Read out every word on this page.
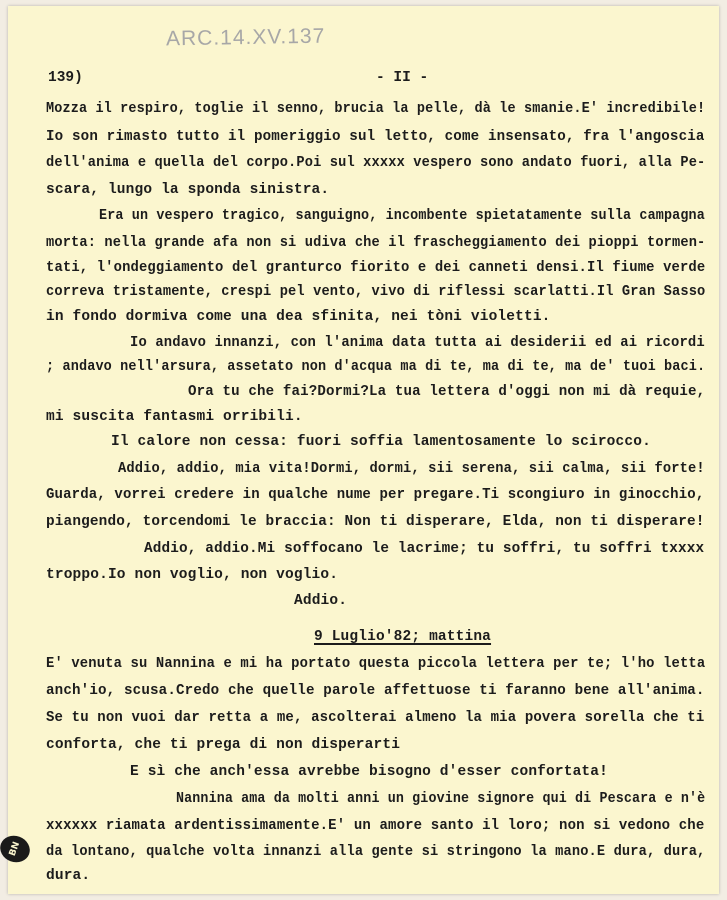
ARC.14.XV.137
139)	- II -
Mozza il respiro, toglie il senno, brucia la pelle, dà le smanie.E' incredibile!
Io son rimasto tutto il pomeriggio sul letto, come insensato, fra l'angoscia
dell'anima e quella del corpo.Poi sul xxxxx vespero sono andato fuori, alla Pe-
scara, lungo la sponda sinistra.
Era un vespero tragico, sanguigno, incombente spietatamente sulla campagna
morta: nella grande afa non si udiva che il frascheggiamento dei pioppi tormen-
tati, l'ondeggiamento del granturco fiorito e dei canneti densi.Il fiume verde
correva tristamente, crespi pel vento, vivo di riflessi scarlatti.Il Gran Sasso
in fondo dormiva come una dea sfinita, nei tòni violetti.
Io andavo innanzi, con l'anima data tutta ai desiderii ed ai ricordi
; andavo nell'arsura, assetato non d'acqua ma di te, ma di te, ma de' tuoi baci.
Ora tu che fai?Dormi?La tua lettera d'oggi non mi dà requie,
mi suscita fantasmi orribili.
Il calore non cessa: fuori soffia lamentosamente lo scirocco.
Addio, addio, mia vita!Dormi, dormi, sii serena, sii calma, sii forte!
Guarda, vorrei credere in qualche nume per pregare.Ti scongiuro in ginocchio,
piangendo, torcendomi le braccia: Non ti disperare, Elda, non ti disperare!
Addio, addio.Mi soffocano le lacrime; tu soffri, tu soffri txxxx
troppo.Io non voglio, non voglio.
Addio.
9 Luglio'82; mattina
E' venuta su Nannina e mi ha portato questa piccola lettera per te; l'ho letta
anch'io, scusa.Credo che quelle parole affettuose ti faranno bene all'anima.
Se tu non vuoi dar retta a me, ascolterai almeno la mia povera sorella che ti
conforta, che ti prega di non disperarti
E sì che anch'essa avrebbe bisogno d'esser confortata!
Nannina ama da molti anni un giovine signore qui di Pescara e n'è
xxxxxx riamata ardentissimamente.E' un amore santo il loro; non si vedono che
da lontano, qualche volta innanzi alla gente si stringono la mano.E dura, dura,
dura.
BN
